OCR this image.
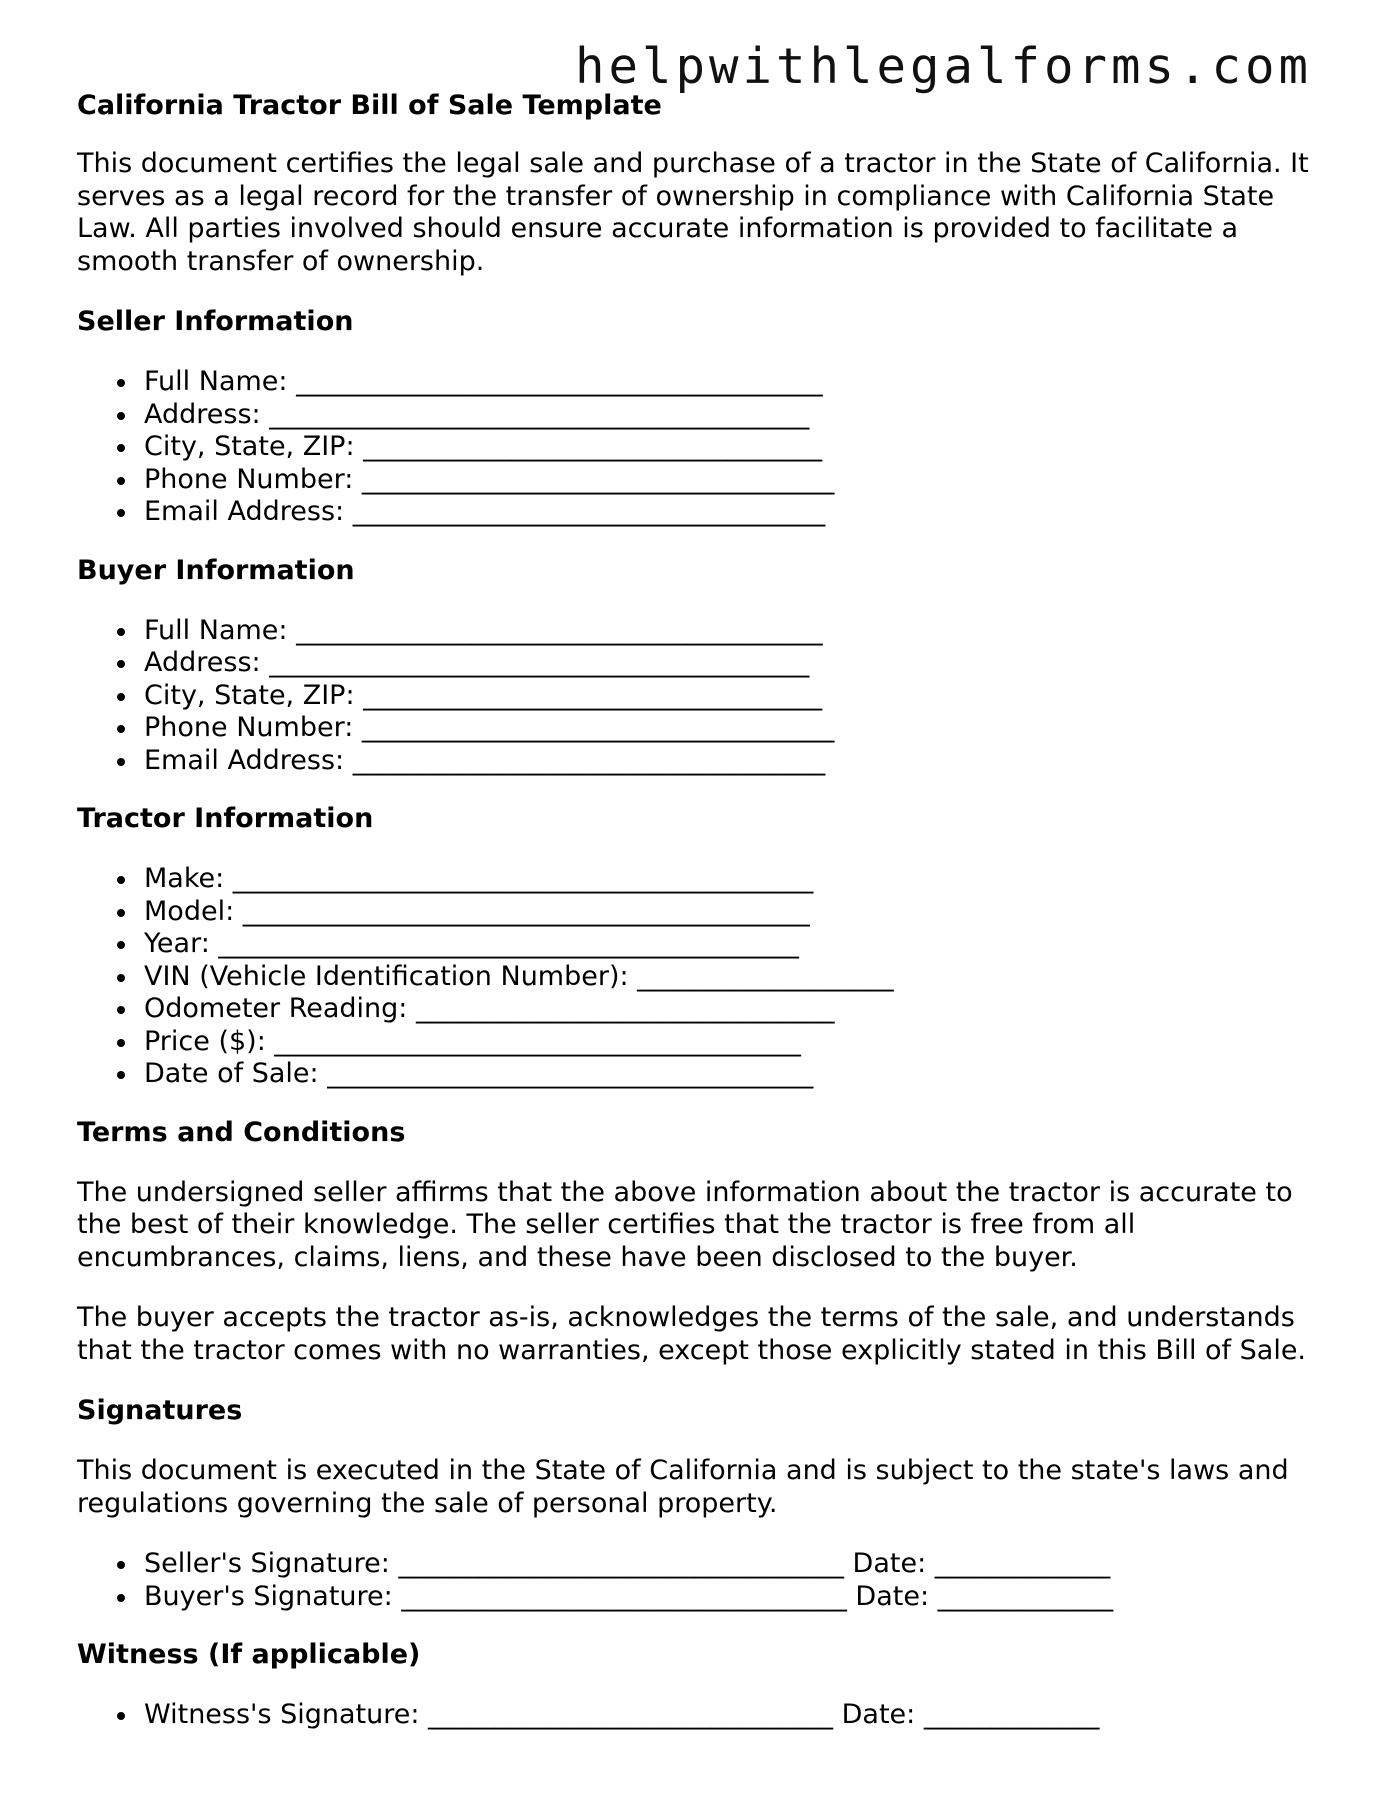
helpwithlegalforms.com
California Tractor Bill of Sale Template

This document certifies the legal sale and purchase of a tractor in the State of California. It serves as a legal record for the transfer of ownership in compliance with California State Law. All parties involved should ensure accurate information is provided to facilitate a smooth transfer of ownership.

Seller Information
Full Name: _______________________________________
Address: ________________________________________
City, State, ZIP: __________________________________
Phone Number: ___________________________________
Email Address: ___________________________________
Buyer Information
Full Name: _______________________________________
Address: ________________________________________
City, State, ZIP: __________________________________
Phone Number: ___________________________________
Email Address: ___________________________________
Tractor Information
Make: ___________________________________________
Model: __________________________________________
Year: ___________________________________________
VIN (Vehicle Identification Number): ___________________
Odometer Reading: _______________________________
Price ($): _______________________________________
Date of Sale: ____________________________________
Terms and Conditions

The undersigned seller affirms that the above information about the tractor is accurate to the best of their knowledge. The seller certifies that the tractor is free from all encumbrances, claims, liens, and these have been disclosed to the buyer.

The buyer accepts the tractor as-is, acknowledges the terms of the sale, and understands that the tractor comes with no warranties, except those explicitly stated in this Bill of Sale.

Signatures

This document is executed in the State of California and is subject to the state's laws and regulations governing the sale of personal property.

Seller's Signature: _________________________________ Date: _____________
Buyer's Signature: _________________________________ Date: _____________
Witness (If applicable)
Witness's Signature: ______________________________ Date: _____________
